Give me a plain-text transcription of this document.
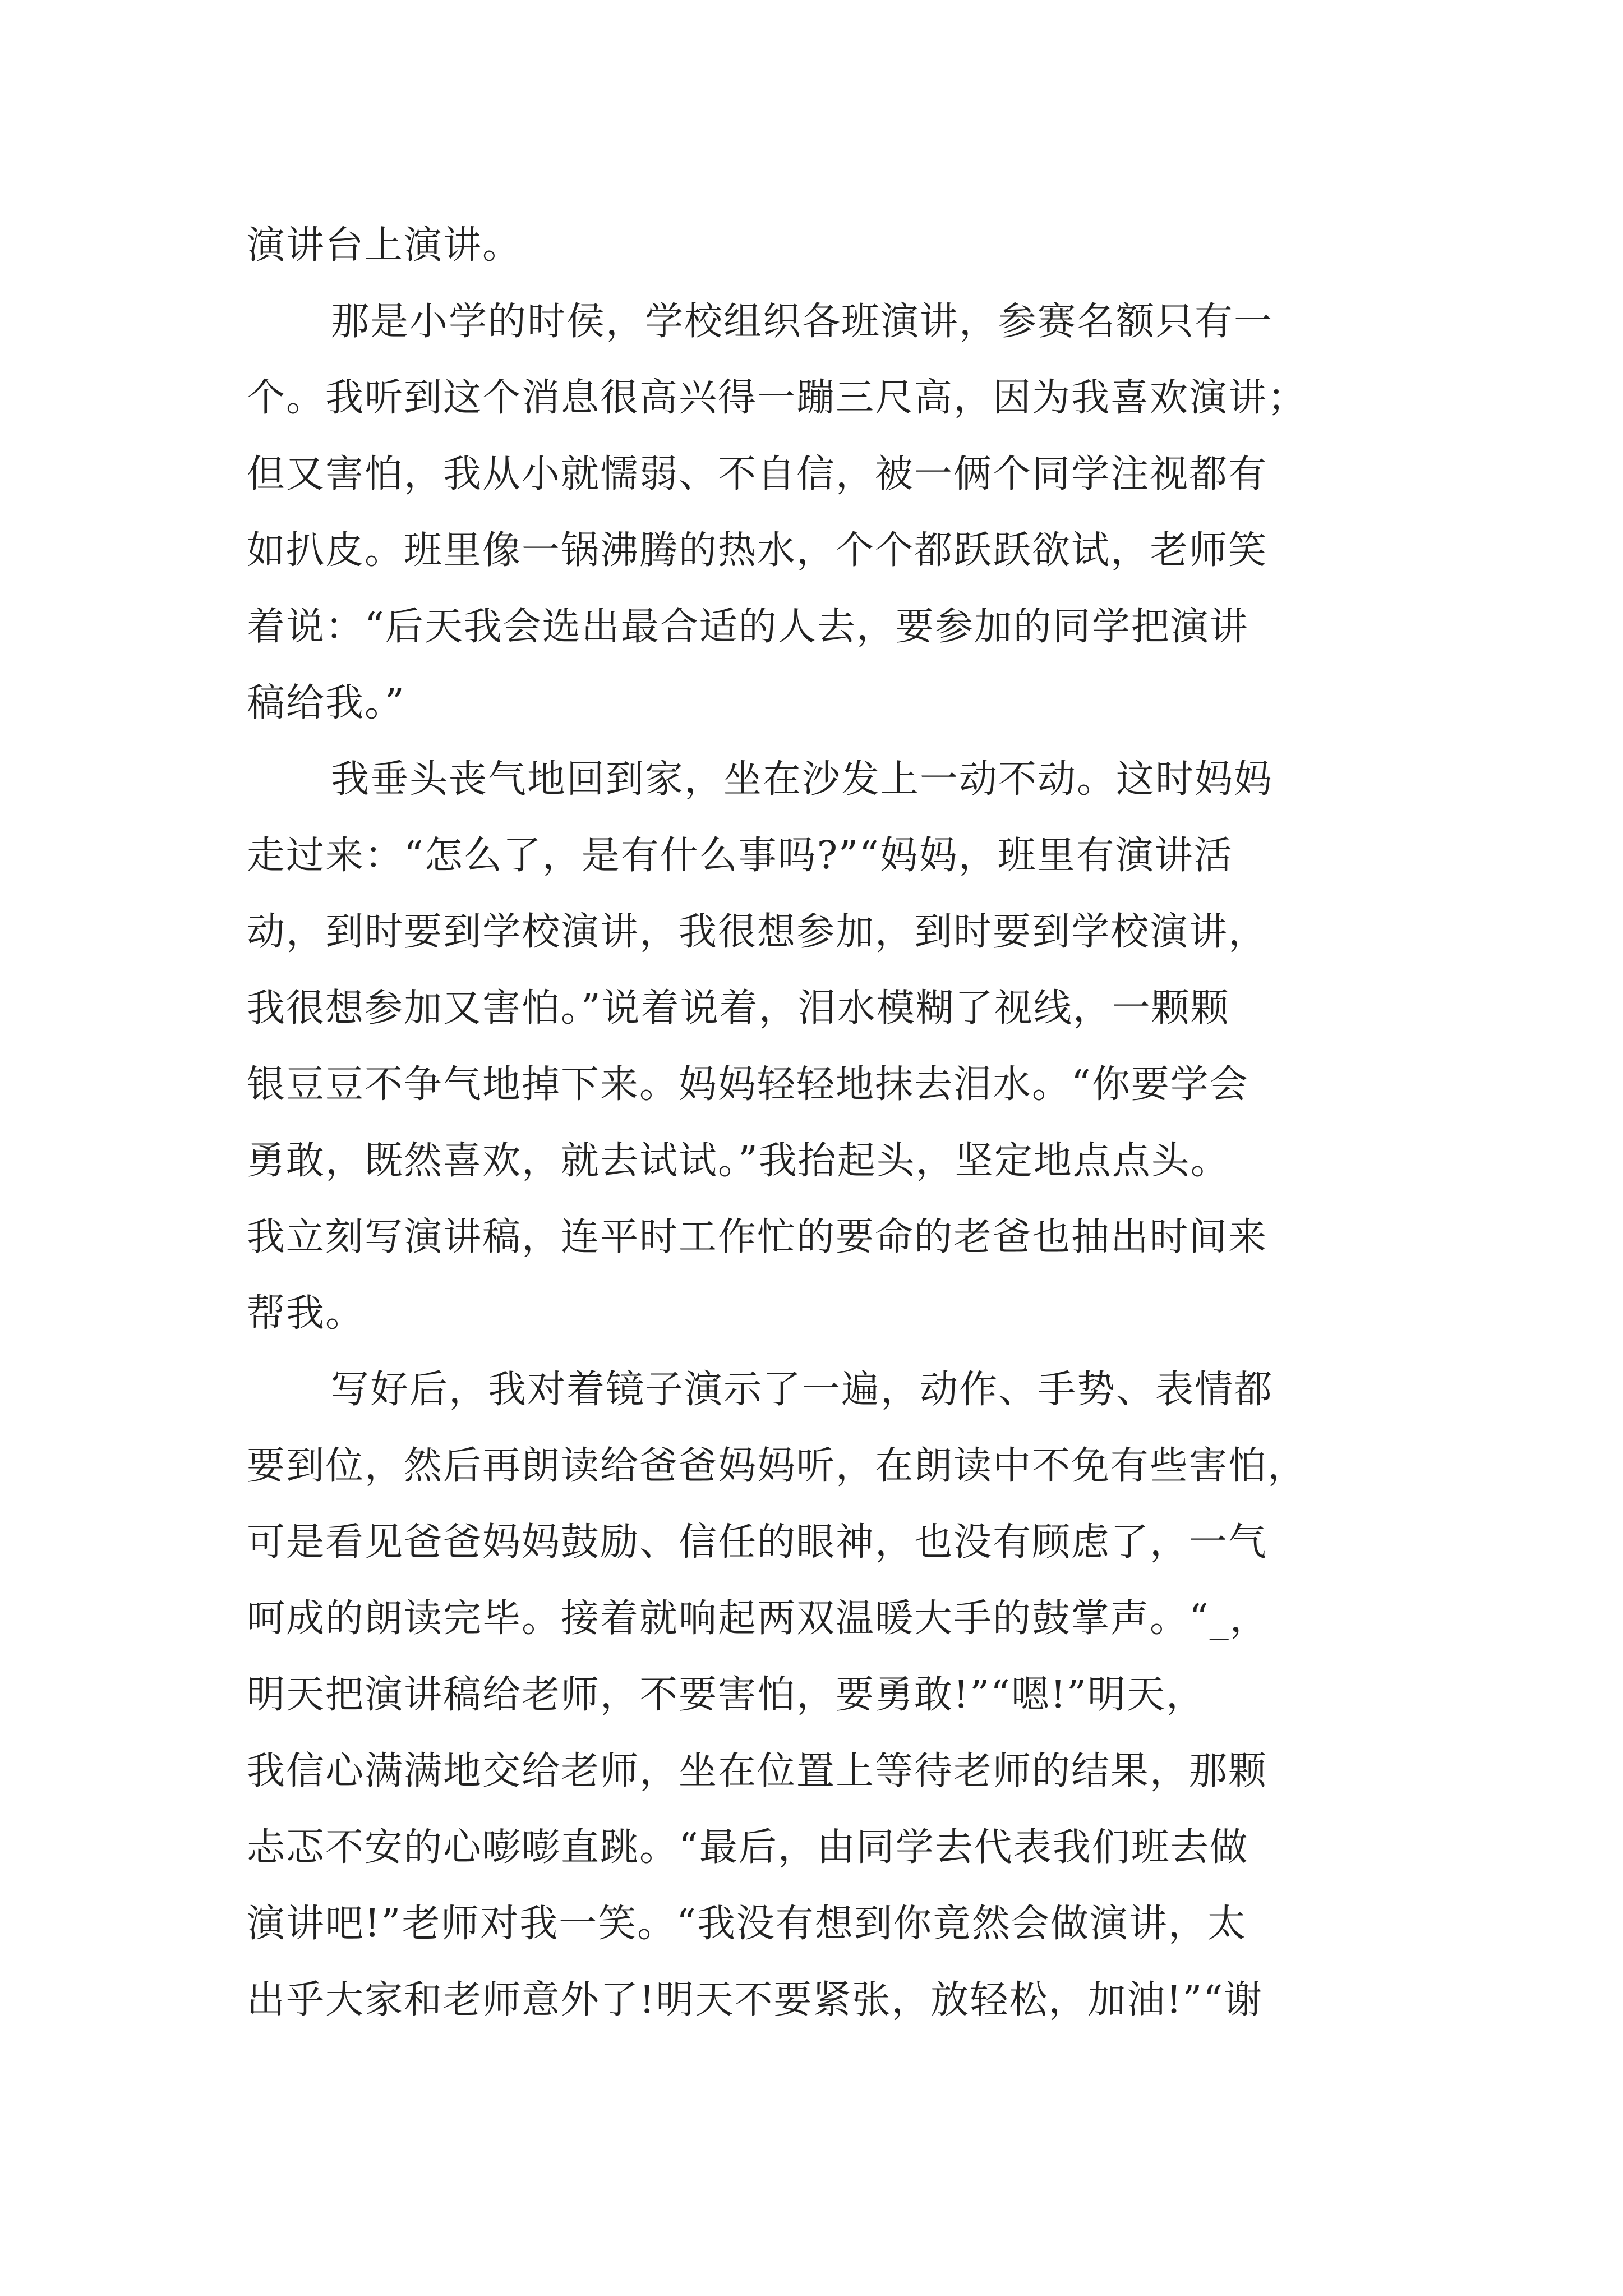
演讲台上演讲。
那是小学的时侯，学校组织各班演讲，参赛名额只有一
个。我听到这个消息很高兴得一蹦三尺高，因为我喜欢演讲；
但又害怕，我从小就懦弱、不自信，被一俩个同学注视都有
如扒皮。班里像一锅沸腾的热水，个个都跃跃欲试，老师笑
着说：“后天我会选出最合适的人去，要参加的同学把演讲
稿给我。”
我垂头丧气地回到家，坐在沙发上一动不动。这时妈妈
走过来：“怎么了，是有什么事吗?”“妈妈，班里有演讲活
动，到时要到学校演讲，我很想参加，到时要到学校演讲，
我很想参加又害怕。”说着说着，泪水模糊了视线，一颗颗
银豆豆不争气地掉下来。妈妈轻轻地抹去泪水。“你要学会
勇敢，既然喜欢，就去试试。”我抬起头，坚定地点点头。
我立刻写演讲稿，连平时工作忙的要命的老爸也抽出时间来
帮我。
写好后，我对着镜子演示了一遍，动作、手势、表情都
要到位，然后再朗读给爸爸妈妈听，在朗读中不免有些害怕，
可是看见爸爸妈妈鼓励、信任的眼神，也没有顾虑了，一气
呵成的朗读完毕。接着就响起两双温暖大手的鼓掌声。“_，
明天把演讲稿给老师，不要害怕，要勇敢!”“嗯!”明天，
我信心满满地交给老师，坐在位置上等待老师的结果，那颗
忐忑不安的心嘭嘭直跳。“最后，由同学去代表我们班去做
演讲吧!”老师对我一笑。“我没有想到你竟然会做演讲，太
出乎大家和老师意外了!明天不要紧张，放轻松，加油!”“谢
